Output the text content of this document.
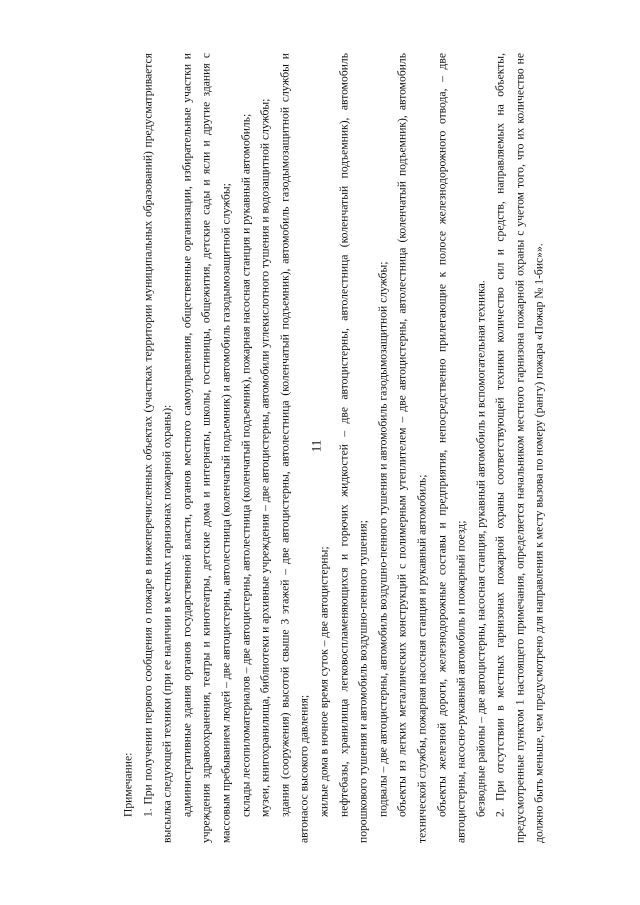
11

Примечание: 1. При получении первого сообщения о пожаре в нижеперечисленных объектах (участках территории муниципальных образований) предусматривается высылка следующей техники (при ее наличии в местных гарнизонах пожарной охраны): административные здания органов государственной власти, органов местного самоуправления, общественные организации, избирательные участки и учреждения здравоохранения, театры и кинотеатры, детские дома и интернаты, школы, гостиницы, общежития, детские сады и ясли и другие здания с массовым пребыванием людей – две автоцистерны, автолестница (коленчатый подъемник) и автомобиль газодымозащитной службы; склады лесопиломатериалов – две автоцистерны, автолестница (коленчатый подъемник), пожарная насосная станция и рукавный автомобиль; музеи, книгохранилища, библиотеки и архивные учреждения – две автоцистерны, автомобили углекислотного тушения и водозащитной службы; здания (сооружения) высотой свыше 3 этажей – две автоцистерны, автолестница (коленчатый подъемник), автомобиль газодымозащитной службы и автонасос высокого давления; жилые дома в ночное время суток – две автоцистерны; нефтебазы, хранилища легковоспламеняющихся и горючих жидкостей – две автоцистерны, автолестница (коленчатый подъемник), автомобиль порошкового тушения и автомобиль воздушно-пенного тушения; подвалы – две автоцистерны, автомобиль воздушно-пенного тушения и автомобиль газодымозащитной службы; объекты из легких металлических конструкций с полимерным утеплителем – две автоцистерны, автолестница (коленчатый подъемник), автомобиль технической службы, пожарная насосная станция и рукавный автомобиль; объекты железной дороги, железнодорожные составы и предприятия, непосредственно прилегающие к полосе железнодорожного отвода, – две автоцистерны, насосно-рукавный автомобиль и пожарный поезд; безводные районы – две автоцистерны, насосная станция, рукавный автомобиль и вспомогательная техника. 2. При отсутствии в местных гарнизонах пожарной охраны соответствующей техники количество сил и средств, направляемых на объекты, предусмотренные пунктом 1 настоящего примечания, определяется начальником местного гарнизона пожарной охраны с учетом того, что их количество не должно быть меньше, чем предусмотрено для направления к месту вызова по номеру (рангу) пожара «Пожар № 1-бис»».
